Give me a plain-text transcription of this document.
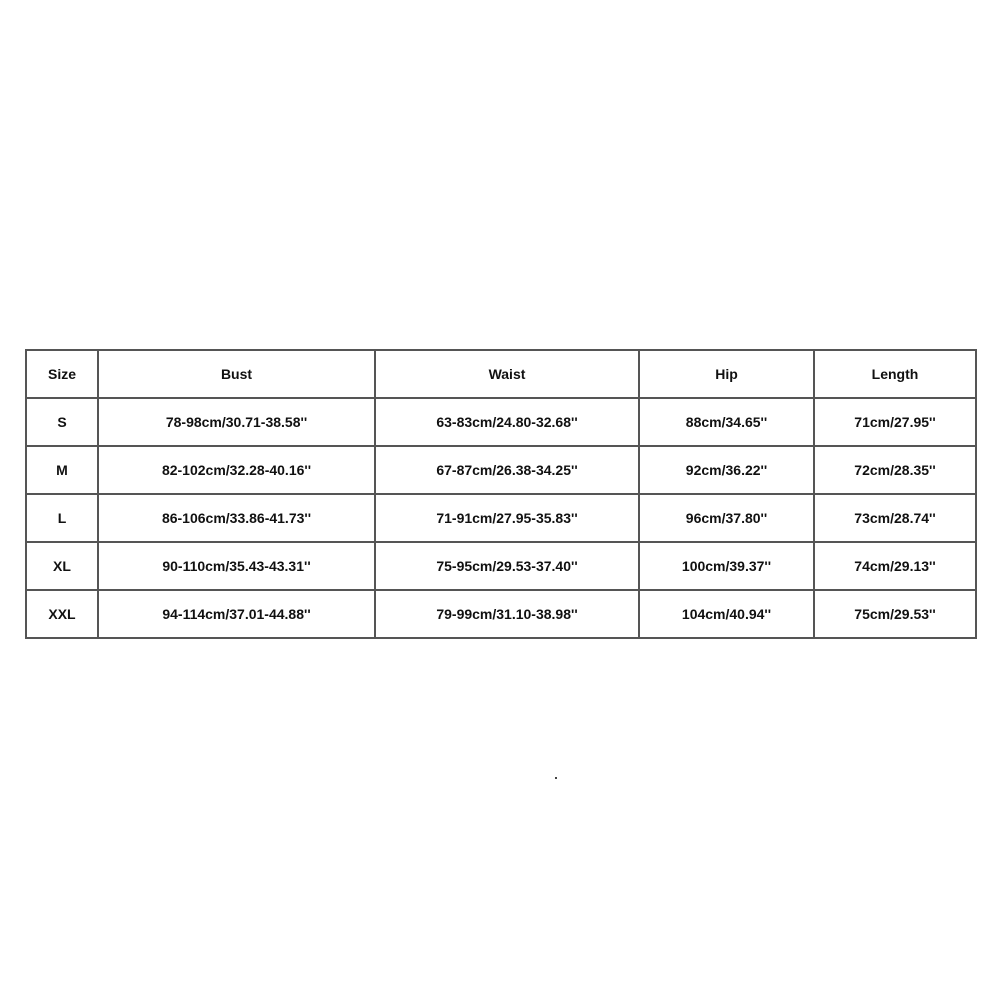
Size	Bust	Waist	Hip	Length
S	78-98cm/30.71-38.58''	63-83cm/24.80-32.68''	88cm/34.65''	71cm/27.95''
M	82-102cm/32.28-40.16''	67-87cm/26.38-34.25''	92cm/36.22''	72cm/28.35''
L	86-106cm/33.86-41.73''	71-91cm/27.95-35.83''	96cm/37.80''	73cm/28.74''
XL	90-110cm/35.43-43.31''	75-95cm/29.53-37.40''	100cm/39.37''	74cm/29.13''
XXL	94-114cm/37.01-44.88''	79-99cm/31.10-38.98''	104cm/40.94''	75cm/29.53''
